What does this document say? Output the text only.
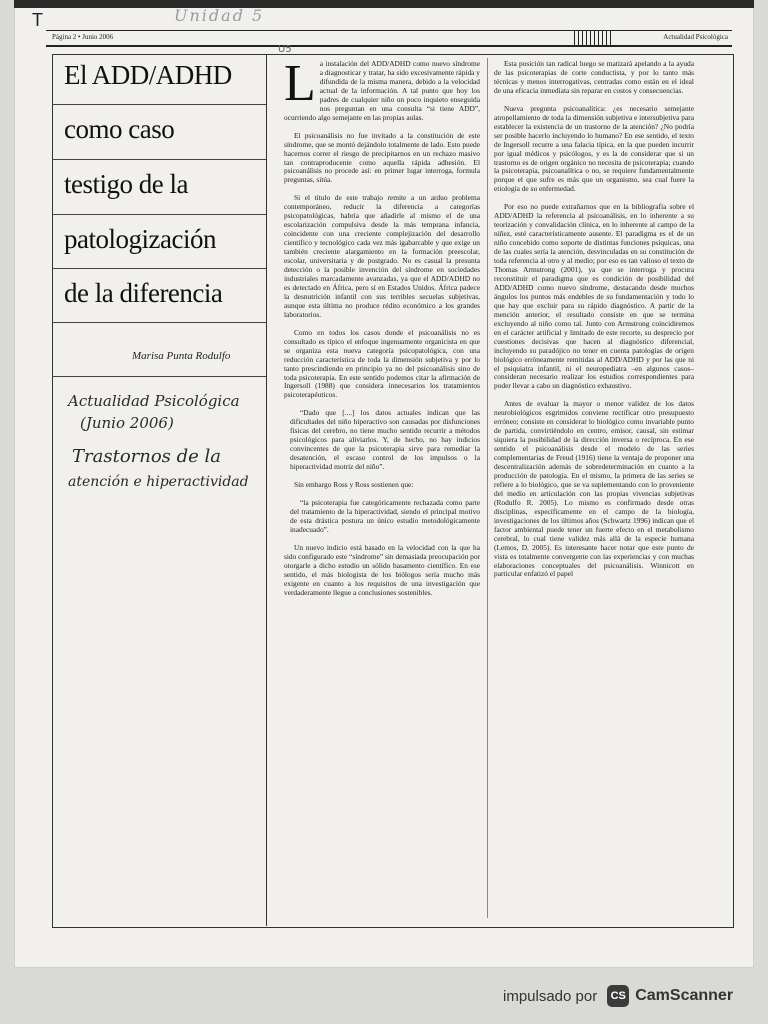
T	Unidad 5
Página 2 • Junio 2006	Actualidad Psicológica
El ADD/ADHD
como caso
testigo de la
patologización
de la diferencia
Marisa Punta Rodulfo
Actualidad Psicológica
(Junio 2006)
Trastornos de la
atención e hiperactividad
U5

La instalación del ADD/ADHD como nuevo síndrome a diagnosticar y tratar, ha sido excesivamente rápida y difundida de la misma manera, debido a la velocidad actual de la información. A tal punto que hoy los padres de cualquier niño un poco inquieto enseguida nos preguntan en una consulta “si tiene ADD”, ocurriendo algo semejante en las propias aulas.

El psicoanálisis no fue invitado a la constitución de este síndrome, que se montó dejándolo totalmente de lado. Esto puede hacernos correr el riesgo de precipitarnos en un rechazo masivo tan contraproducente como aquella rápida adhesión. El psicoanálisis no procede así: en primer lugar interroga, formula preguntas, sitúa.

Si el título de este trabajo remite a un arduo problema contemporáneo, reducir la diferencia a categorías psicopatológicas, habría que añadirle al mismo el de una escolarización compulsiva desde la más temprana infancia, coincidente con una creciente complejización del desarrollo científico y tecnológico cada vez más igabarcable y que exige un también creciente alargamiento en la formación preescolar, escolar, universitaria y de postgrado. No es casual la presunta detección o la posible invención del síndrome en sociedades industriales marcadamente avanzadas, ya que el ADD/ADHD no es detectado en África, pero sí en Estados Unidos. África padece la desnutrición infantil con sus terribles secuelas subjetivas, aunque esta última no produce rédito económico a los grandes laboratorios.

Como en todos los casos donde el psicoanálisis no es consultado es típico el enfoque ingenuamente organicista en que se organiza esta nueva categoría psicopatológica, con una reducción característica de toda la dimensión subjetiva y por lo tanto prescindiendo en principio ya no del psicoanálisis sino de toda psicoterapia. En este sentido podemos citar la afirmación de Ingersoll (1988) que considera innecesarios los tratamientos psicoterapéuticos.

“Dado que [....] los datos actuales indican que las dificultades del niño hiperactivo son causadas por disfunciones físicas del cerebro, no tiene mucho sentido recurrir a métodos psicológicos para aliviarlos. Y, de hecho, no hay indicios convincentes de que la psicoterapia sirve para remediar la desatención, el escaso control de los impulsos o la hiperactividad motriz del niño”.

Sin embargo Ross y Ross sostienen que:

“la psicoterapia fue categóricamente rechazada como parte del tratamiento de la hiperactividad, siendo el principal motivo de esta drástica postura un único estudio metodológicamente inadecuado”.

Un nuevo indicio está basado en la velocidad con la que ha sido configurado este “síndrome” sin demasiada preocupación por otorgarle a dicho estudio un sólido basamento científico. En ese sentido, el más biologista de los biólogos sería mucho más exigente en cuanto a los requisitos de una investigación que verdaderamente llegue a conclusiones sostenibles.

Esta posición tan radical luego se matizará apelando a la ayuda de las psicoterapias de corte conductista, y por lo tanto más técnicas y menos interrogativas, centradas como están en el ideal de una eficacia inmediata sin reparar en costos y consecuencias.

Nueva pregunta psicoanalítica: ¿es necesario semejante atropellamiento de toda la dimensión subjetiva e intersubjetiva para establecer la existencia de un trastorno de la atención? ¿No podría ser posible hacerlo incluyendo lo humano? En ese sentido, el texto de Ingersoll recurre a una falacia típica, en la que pueden incurrir por igual médicos y psicólogos, y es la de considerar que si un trastorno es de origen orgánico no necesita de psicoterapia; cuando la psicoterapia, psicoanalítica o no, se requiere fundamentalmente porque el que sufre es más que un organismo, sea cual fuere la etiología de su enfermedad.

Por eso no puede extrañarnos que en la bibliografía sobre el ADD/ADHD la referencia al psicoanálisis, en lo inherente a su teorización y convalidación clínica, en lo inherente al campo de la niñez, esté característicamente ausente. El paradigma es el de un niño concebido como soporte de distintas funciones psíquicas, una de las cuales sería la atención, desvinculadas en su constitución de toda referencia al otro y al medio; por eso es tan valioso el texto de Thomas Armstrong (2001), ya que se interroga y procura reconstituir el paradigma que es condición de posibilidad del ADD/ADHD como nuevo síndrome, destacando desde muchos ángulos los puntos más endebles de su fundamentación y todo lo que hay que excluir para su rápido diagnóstico. A partir de la mención anterior, el resultado consiste en que se termina excluyendo al niño como tal. Junto con Armstrong coincidiremos en el carácter artificial y limitado de este recorte, su desprecio por cuestiones decisivas que hacen al diagnóstico diferencial, incluyendo su paradójico no tener en cuenta patologías de origen biológico erróneamente remitidas al ADD/ADHD y por las que ni el psiquiatra infantil, ni el neuropediatra –en algunos casos– consideran necesario realizar los estudios correspondientes para poder llevar a cabo un diagnóstico exhaustivo.

Antes de evaluar la mayor o menor validez de los datos neurobiológicos esgrimidos conviene rectificar otro presupuesto erróneo; consiste en considerar lo biológico como invariable punto de partida, convirtiéndolo en centro, emisor, causal, sin estimar siquiera la posibilidad de la dirección inversa o recíproca. En ese sentido el psicoanálisis desde el modelo de las series complementarias de Freud (1916) tiene la ventaja de proponer una descentralización además de sobredeterminación en cuanto a la producción de patología. En el mismo, la primera de las series se refiere a lo biológico, que se va suplementando con lo proveniente del medio en articulación con las propias vivencias subjetivas (Rodulfo R. 2005). Lo mismo es confirmado desde otras disciplinas, específicamente en el campo de la biología, investigaciones de los últimos años (Schwartz 1996) indican que el factor ambiental puede tener un fuerte efecto en el metabolismo cerebral, lo cual tiene validez más allá de la especie humana (Lemos, D. 2005). Es interesante hacer notar que este punto de vista es totalmente convergente con las experiencias y con muchas elaboraciones conceptuales del psicoanálisis. Winnicott en particular enfatizó el papel

impulsado por	CS CamScanner
